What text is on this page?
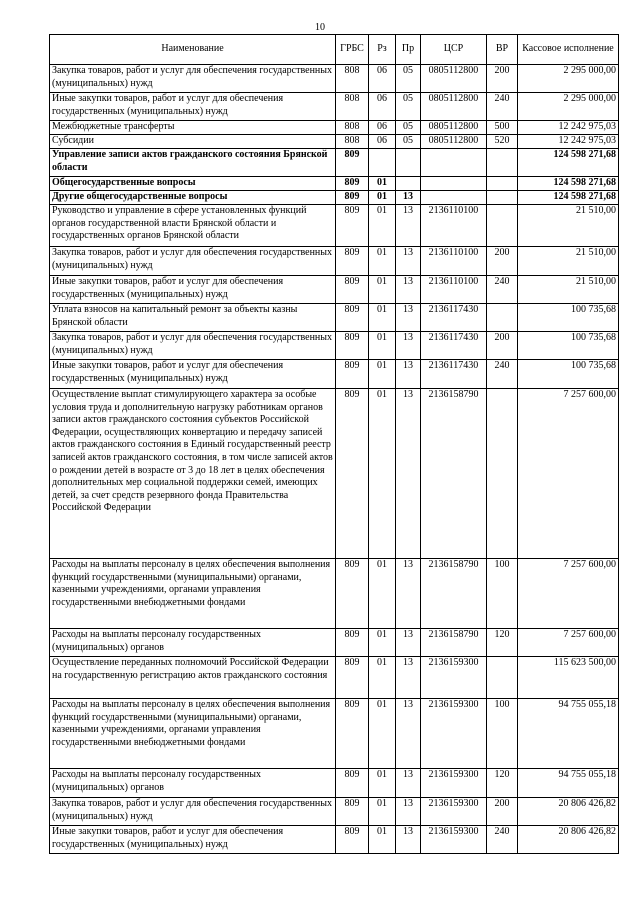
10
Наименование	ГРБС	Рз	Пр	ЦСР	ВР	Кассовое исполнение
Закупка товаров, работ и услуг для обеспечения государственных (муниципальных) нужд	808	06	05	0805112800	200	2 295 000,00
Иные закупки товаров, работ и услуг для обеспечения государственных (муниципальных) нужд	808	06	05	0805112800	240	2 295 000,00
Межбюджетные трансферты	808	06	05	0805112800	500	12 242 975,03
Субсидии	808	06	05	0805112800	520	12 242 975,03
Управление записи актов гражданского состояния Брянской области	809					124 598 271,68
Общегосударственные вопросы	809	01				124 598 271,68
Другие общегосударственные вопросы	809	01	13			124 598 271,68
Руководство и управление в сфере установленных функций органов государственной власти Брянской области и государственных органов Брянской области	809	01	13	2136110100		21 510,00
Закупка товаров, работ и услуг для обеспечения государственных (муниципальных) нужд	809	01	13	2136110100	200	21 510,00
Иные закупки товаров, работ и услуг для обеспечения государственных (муниципальных) нужд	809	01	13	2136110100	240	21 510,00
Уплата взносов на капитальный ремонт за объекты казны Брянской области	809	01	13	2136117430		100 735,68
Закупка товаров, работ и услуг для обеспечения государственных (муниципальных) нужд	809	01	13	2136117430	200	100 735,68
Иные закупки товаров, работ и услуг для обеспечения государственных (муниципальных) нужд	809	01	13	2136117430	240	100 735,68
Осуществление выплат стимулирующего характера за особые условия труда и дополнительную нагрузку работникам органов записи актов гражданского состояния субъектов Российской Федерации, осуществляющих конвертацию и передачу записей актов гражданского состояния в Единый государственный реестр записей актов гражданского состояния, в том числе записей актов о рождении детей в возрасте от 3 до 18 лет в целях обеспечения дополнительных мер социальной поддержки семей, имеющих детей, за счет средств резервного фонда Правительства Российской Федерации	809	01	13	2136158790		7 257 600,00
Расходы на выплаты персоналу в целях обеспечения выполнения функций государственными (муниципальными) органами, казенными учреждениями, органами управления государственными внебюджетными фондами	809	01	13	2136158790	100	7 257 600,00
Расходы на выплаты персоналу государственных (муниципальных) органов	809	01	13	2136158790	120	7 257 600,00
Осуществление переданных полномочий Российской Федерации на государственную регистрацию актов гражданского состояния	809	01	13	2136159300		115 623 500,00
Расходы на выплаты персоналу в целях обеспечения выполнения функций государственными (муниципальными) органами, казенными учреждениями, органами управления государственными внебюджетными фондами	809	01	13	2136159300	100	94 755 055,18
Расходы на выплаты персоналу государственных (муниципальных) органов	809	01	13	2136159300	120	94 755 055,18
Закупка товаров, работ и услуг для обеспечения государственных (муниципальных) нужд	809	01	13	2136159300	200	20 806 426,82
Иные закупки товаров, работ и услуг для обеспечения государственных (муниципальных) нужд	809	01	13	2136159300	240	20 806 426,82
